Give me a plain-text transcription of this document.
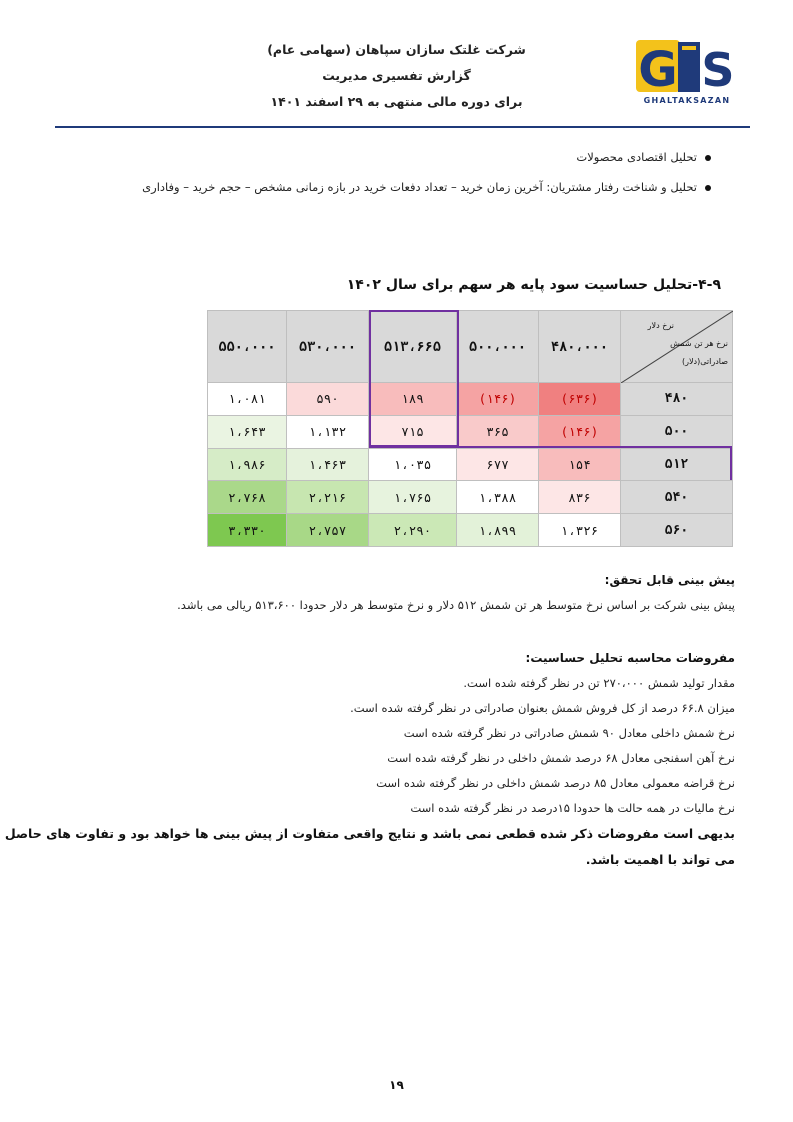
شرکت غلتک سازان سپاهان (سهامی عام)
گزارش تفسیری مدیریت
برای دوره مالی منتهی به ۲۹ اسفند ۱۴۰۱
G S
GHALTAKSAZAN
تحلیل اقتصادی محصولات
تحلیل و شناخت رفتار مشتریان: آخرین زمان خرید – تعداد دفعات خرید در بازه زمانی مشخص – حجم خرید – وفاداری
۴-۹-تحلیل حساسیت سود پایه هر سهم برای سال ۱۴۰۲
نرخ دلار
نرخ هر تن شمش
صادراتی(دلار)	۴۸۰،۰۰۰	۵۰۰،۰۰۰	۵۱۳،۶۶۵	۵۳۰،۰۰۰	۵۵۰،۰۰۰
۴۸۰	(۶۳۶)	(۱۴۶)	۱۸۹	۵۹۰	۱،۰۸۱
۵۰۰	(۱۴۶)	۳۶۵	۷۱۵	۱،۱۳۲	۱،۶۴۳
۵۱۲	۱۵۴	۶۷۷	۱،۰۳۵	۱،۴۶۳	۱،۹۸۶
۵۴۰	۸۳۶	۱،۳۸۸	۱،۷۶۵	۲،۲۱۶	۲،۷۶۸
۵۶۰	۱،۳۲۶	۱،۸۹۹	۲،۲۹۰	۲،۷۵۷	۳،۳۳۰
پیش بینی قابل تحقق:
پیش بینی شرکت بر اساس نرخ متوسط هر تن شمش ۵۱۲ دلار و نرخ متوسط هر دلار حدودا ۵۱۳،۶۰۰ ریالی می باشد.
مفروضات محاسبه تحلیل حساسیت:
مقدار تولید شمش ۲۷۰،۰۰۰ تن در نظر گرفته شده است.
میزان ۶۶.۸ درصد از کل فروش شمش بعنوان صادراتی در نظر گرفته شده است.
نرخ شمش داخلی معادل ۹۰ شمش صادراتی در نظر گرفته شده است
نرخ آهن اسفنجی معادل ۶۸ درصد شمش داخلی در نظر گرفته شده است
نرخ قراضه معمولی معادل ۸۵ درصد شمش داخلی در نظر گرفته شده است
نرخ مالیات در همه حالت ها حدودا ۱۵درصد در نظر گرفته شده است
بدیهی است مفروضات ذکر شده قطعی نمی باشد و نتایج واقعی متفاوت از پیش بینی ها خواهد بود و تفاوت های حاصل
می تواند با اهمیت باشد.
۱۹
